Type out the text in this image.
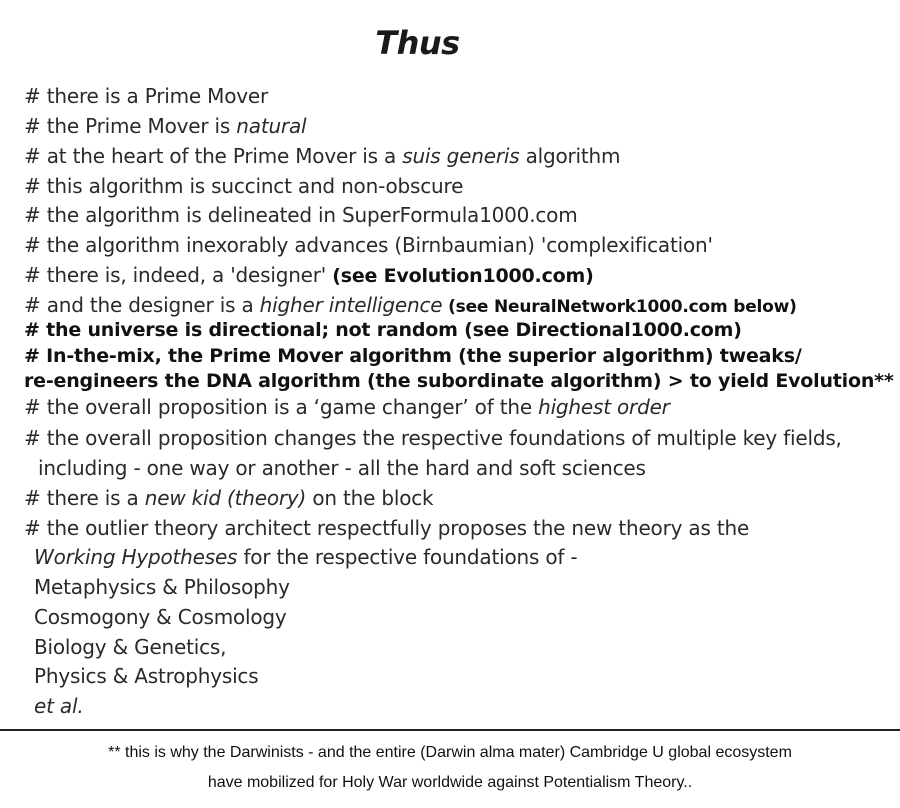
Thus
# there is a Prime Mover
# the Prime Mover is natural
# at the heart of the Prime Mover is a suis generis algorithm
# this algorithm is succinct and non-obscure
# the algorithm is delineated in SuperFormula1000.com
# the algorithm inexorably advances (Birnbaumian) 'complexification'
# there is, indeed, a 'designer' (see Evolution1000.com)
# and the designer is a higher intelligence (see NeuralNetwork1000.com below)
# the universe is directional; not random (see Directional1000.com)
# In-the-mix, the Prime Mover algorithm (the superior algorithm) tweaks/
re-engineers the DNA algorithm (the subordinate algorithm) > to yield Evolution**
# the overall proposition is a ‘game changer’ of the highest order
# the overall proposition changes the respective foundations of multiple key fields,
including - one way or another - all the hard and soft sciences
# there is a new kid (theory) on the block
# the outlier theory architect respectfully proposes the new theory as the
Working Hypotheses for the respective foundations of -
Metaphysics & Philosophy
Cosmogony & Cosmology
Biology & Genetics,
Physics & Astrophysics
et al.
** this is why the Darwinists - and the entire (Darwin alma mater) Cambridge U global ecosystem
have mobilized for Holy War worldwide against Potentialism Theory..
